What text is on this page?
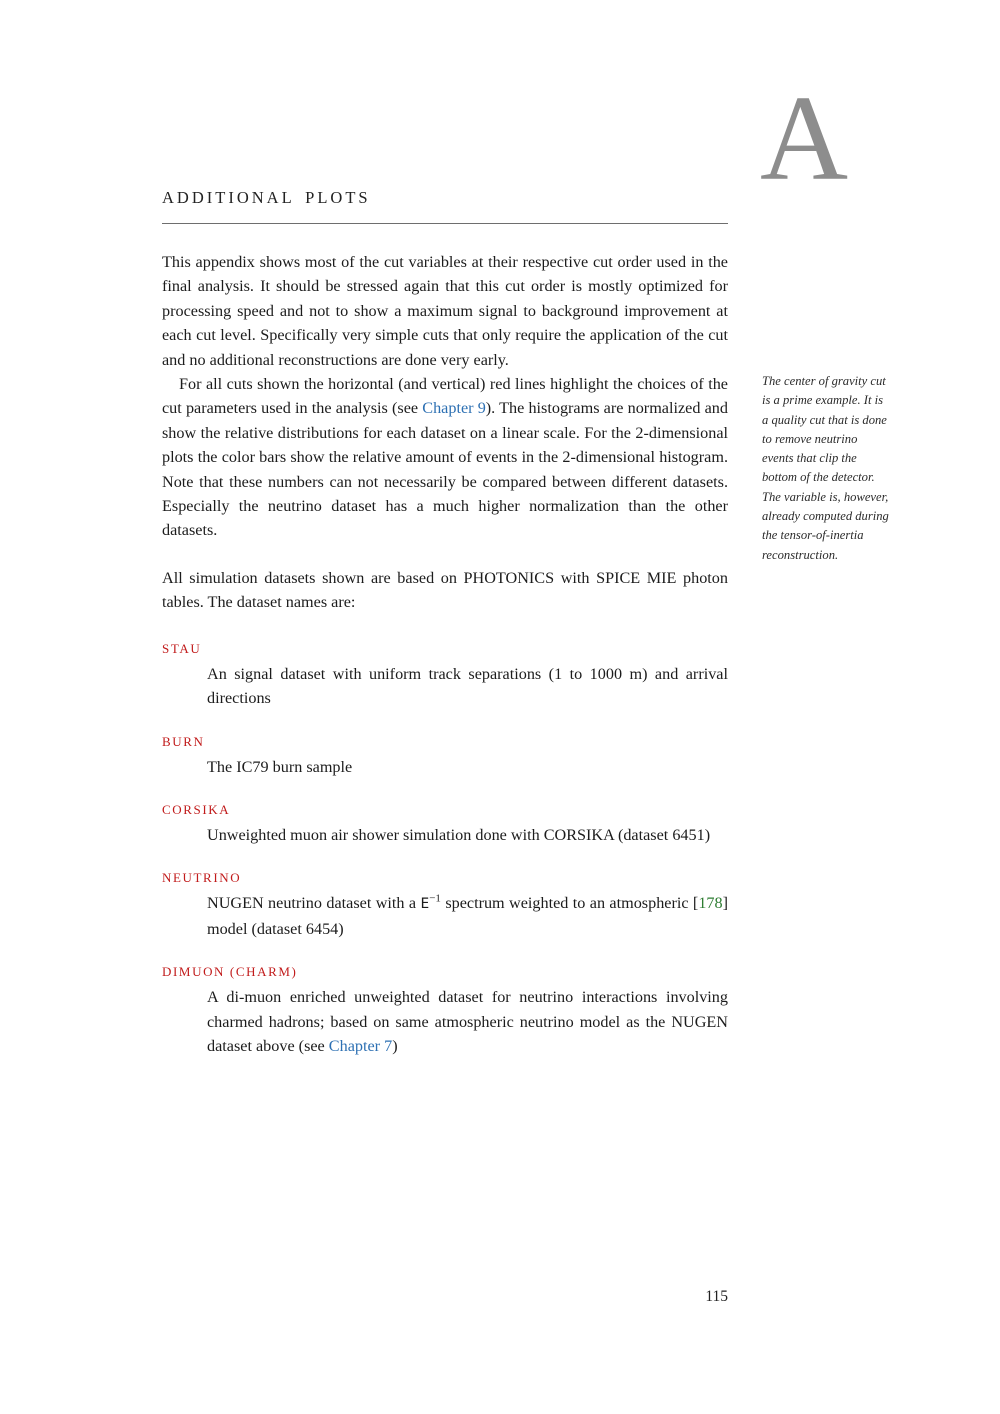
A
The center of gravity cut is a prime example. It is a quality cut that is done to remove neutrino events that clip the bottom of the detector. The variable is, however, already computed during the tensor-of-inertia reconstruction.
ADDITIONAL PLOTS

This appendix shows most of the cut variables at their respective cut order used in the final analysis. It should be stressed again that this cut order is mostly optimized for processing speed and not to show a maximum signal to background improvement at each cut level. Specifically very simple cuts that only require the application of the cut and no additional reconstructions are done very early.

For all cuts shown the horizontal (and vertical) red lines highlight the choices of the cut parameters used in the analysis (see Chapter 9). The histograms are normalized and show the relative distributions for each dataset on a linear scale. For the 2-dimensional plots the color bars show the relative amount of events in the 2-dimensional histogram. Note that these numbers can not necessarily be compared between different datasets. Especially the neutrino dataset has a much higher normalization than the other datasets.

All simulation datasets shown are based on PHOTONICS with SPICE MIE photon tables. The dataset names are:

STAU
An signal dataset with uniform track separations (1 to 1000 m) and arrival directions
BURN
The IC79 burn sample
CORSIKA
Unweighted muon air shower simulation done with CORSIKA (dataset 6451)
NEUTRINO
NUGEN neutrino dataset with a $E^{-1}$ spectrum weighted to an atmospheric [178] model (dataset 6454)
DIMUON (CHARM)
A di-muon enriched unweighted dataset for neutrino interactions involving charmed hadrons; based on same atmospheric neutrino model as the NUGEN dataset above (see Chapter 7)
115
